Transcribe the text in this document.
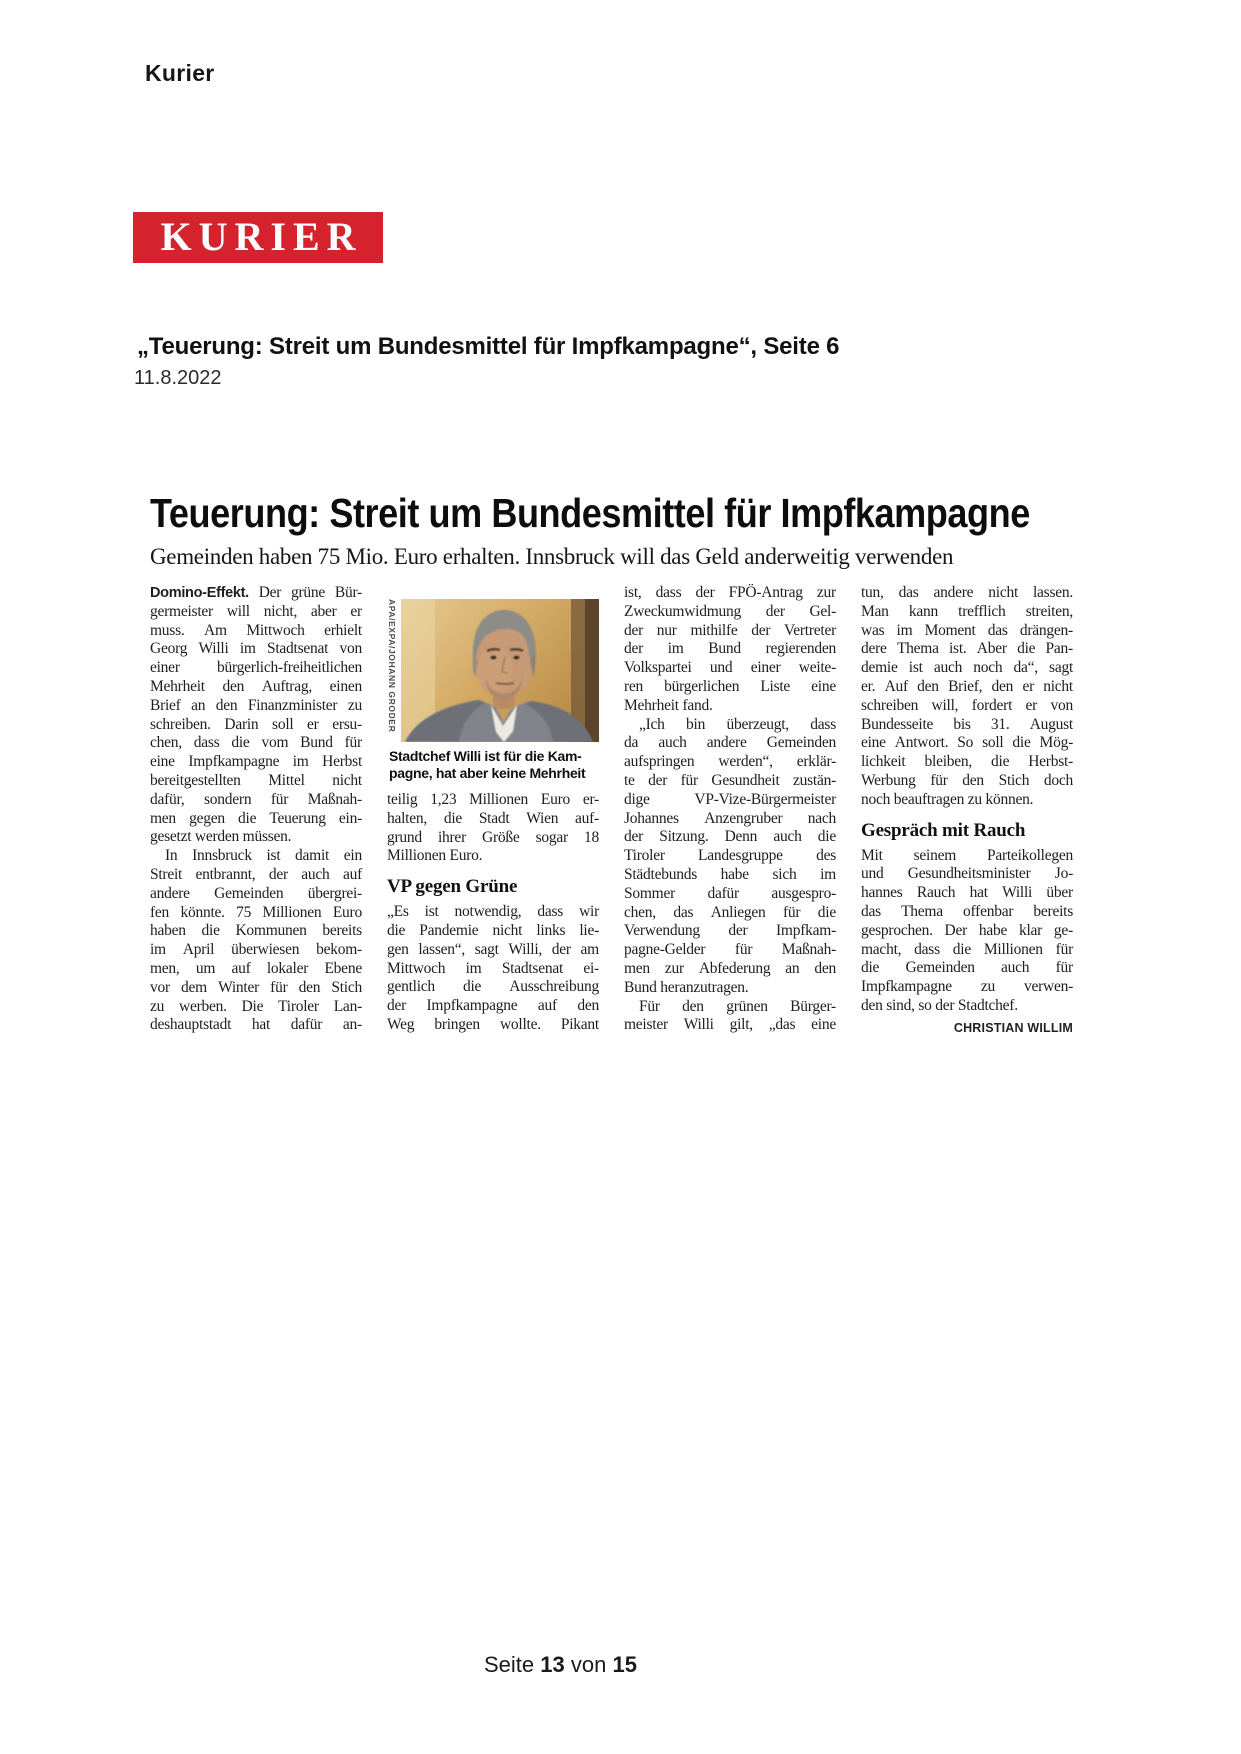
Kurier
KURIER
„Teuerung: Streit um Bundesmittel für Impfkampagne“, Seite 6
11.8.2022
Teuerung: Streit um Bundesmittel für Impfkampagne
Gemeinden haben 75 Mio. Euro erhalten. Innsbruck will das Geld anderweitig verwenden
Domino-Effekt. Der grüne Bür-
germeister will nicht, aber er
muss. Am Mittwoch erhielt
Georg Willi im Stadtsenat von
einer bürgerlich-freiheitlichen
Mehrheit den Auftrag, einen
Brief an den Finanzminister zu
schreiben. Darin soll er ersu-
chen, dass die vom Bund für
eine Impfkampagne im Herbst
bereitgestellten Mittel nicht
dafür, sondern für Maßnah-
men gegen die Teuerung ein-
gesetzt werden müssen.
In Innsbruck ist damit ein
Streit entbrannt, der auch auf
andere Gemeinden übergrei-
fen könnte. 75 Millionen Euro
haben die Kommunen bereits
im April überwiesen bekom-
men, um auf lokaler Ebene
vor dem Winter für den Stich
zu werben. Die Tiroler Lan-
deshauptstadt hat dafür an-
APA/EXPA/JOHANN GRODER
Stadtchef Willi ist für die Kam-
pagne, hat aber keine Mehrheit
teilig 1,23 Millionen Euro er-
halten, die Stadt Wien auf-
grund ihrer Größe sogar 18
Millionen Euro.
VP gegen Grüne
„Es ist notwendig, dass wir
die Pandemie nicht links lie-
gen lassen“, sagt Willi, der am
Mittwoch im Stadtsenat ei-
gentlich die Ausschreibung
der Impfkampagne auf den
Weg bringen wollte. Pikant
ist, dass der FPÖ-Antrag zur
Zweckumwidmung der Gel-
der nur mithilfe der Vertreter
der im Bund regierenden
Volkspartei und einer weite-
ren bürgerlichen Liste eine
Mehrheit fand.
„Ich bin überzeugt, dass
da auch andere Gemeinden
aufspringen werden“, erklär-
te der für Gesundheit zustän-
dige	VP-Vize-Bürgermeister
Johannes Anzengruber nach
der Sitzung. Denn auch die
Tiroler Landesgruppe des
Städtebunds habe sich im
Sommer dafür ausgespro-
chen, das Anliegen für die
Verwendung der Impfkam-
pagne-Gelder für Maßnah-
men zur Abfederung an den
Bund heranzutragen.
Für den grünen Bürger-
meister Willi gilt, „das eine
tun, das andere nicht lassen.
Man kann trefflich streiten,
was im Moment das drängen-
dere Thema ist. Aber die Pan-
demie ist auch noch da“, sagt
er. Auf den Brief, den er nicht
schreiben will, fordert er von
Bundesseite bis 31. August
eine Antwort. So soll die Mög-
lichkeit bleiben, die Herbst-
Werbung für den Stich doch
noch beauftragen zu können.
Gespräch mit Rauch
Mit seinem Parteikollegen
und Gesundheitsminister Jo-
hannes Rauch hat Willi über
das Thema offenbar bereits
gesprochen. Der habe klar ge-
macht, dass die Millionen für
die Gemeinden auch für
Impfkampagne zu verwen-
den sind, so der Stadtchef.
CHRISTIAN WILLIM
Seite 13 von 15
